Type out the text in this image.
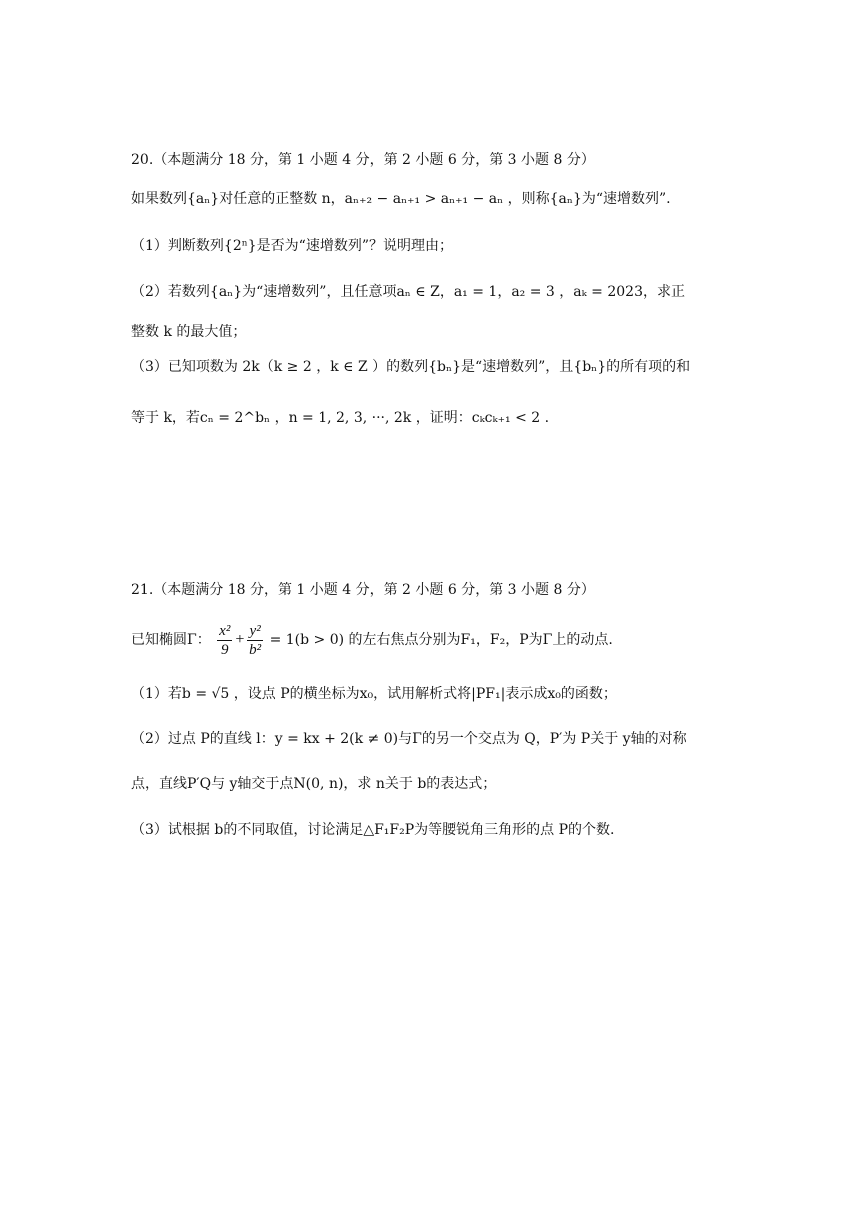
20.（本题满分 18 分，第 1 小题 4 分，第 2 小题 6 分，第 3 小题 8 分）
如果数列{aₙ}对任意的正整数 n，aₙ₊₂ − aₙ₊₁ > aₙ₊₁ − aₙ ，则称{aₙ}为“速增数列”.
（1）判断数列{2ⁿ}是否为“速增数列”？说明理由；
（2）若数列{aₙ}为“速增数列”，且任意项aₙ ∈ Z，a₁ = 1，a₂ = 3 ，aₖ = 2023，求正
整数 k 的最大值；
（3）已知项数为 2k（k ≥ 2 ，k ∈ Z ）的数列{bₙ}是“速增数列”，且{bₙ}的所有项的和
等于 k，若cₙ = 2^bₙ ，n = 1, 2, 3, ···, 2k ，证明：cₖcₖ₊₁ < 2 .
21.（本题满分 18 分，第 1 小题 4 分，第 2 小题 6 分，第 3 小题 8 分）
已知椭圆Γ： $\frac{\text{x²}}{9} + \frac{\text{y²}}{\text{b²}} = 1(b > 0)$ 的左右焦点分别为F₁，F₂，P为Γ上的动点.
（1）若b = √5 ，设点 P的横坐标为x₀，试用解析式将|PF₁|表示成x₀的函数；
（2）过点 P的直线 l：y = kx + 2(k ≠ 0)与Γ的另一个交点为 Q，P′为 P关于 y轴的对称
点，直线P′Q与 y轴交于点N(0, n)，求 n关于 b的表达式；
（3）试根据 b的不同取值，讨论满足△F₁F₂P为等腰锐角三角形的点 P的个数.
